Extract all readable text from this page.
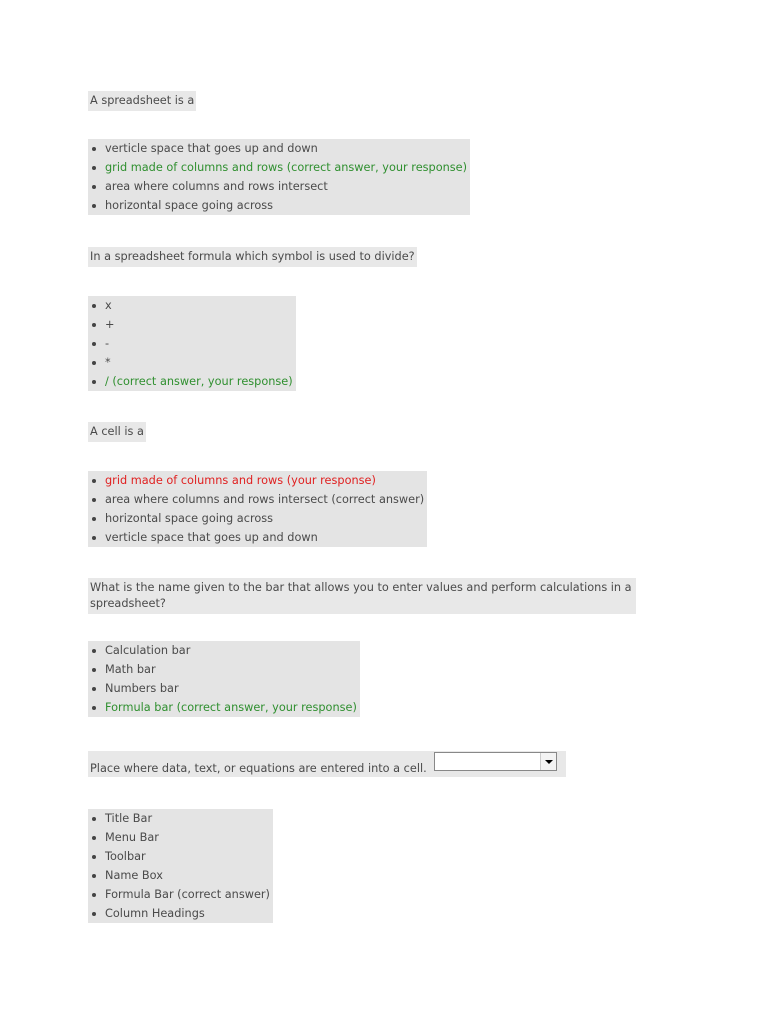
A spreadsheet is a
verticle space that goes up and down
grid made of columns and rows (correct answer, your response)
area where columns and rows intersect
horizontal space going across
In a spreadsheet formula which symbol is used to divide?
x
+
-
*
/ (correct answer, your response)
A cell is a
grid made of columns and rows (your response)
area where columns and rows intersect (correct answer)
horizontal space going across
verticle space that goes up and down
What is the name given to the bar that allows you to enter values and perform calculations in a spreadsheet?
Calculation bar
Math bar
Numbers bar
Formula bar (correct answer, your response)
Place where data, text, or equations are entered into a cell.
Title Bar
Menu Bar
Toolbar
Name Box
Formula Bar (correct answer)
Column Headings
